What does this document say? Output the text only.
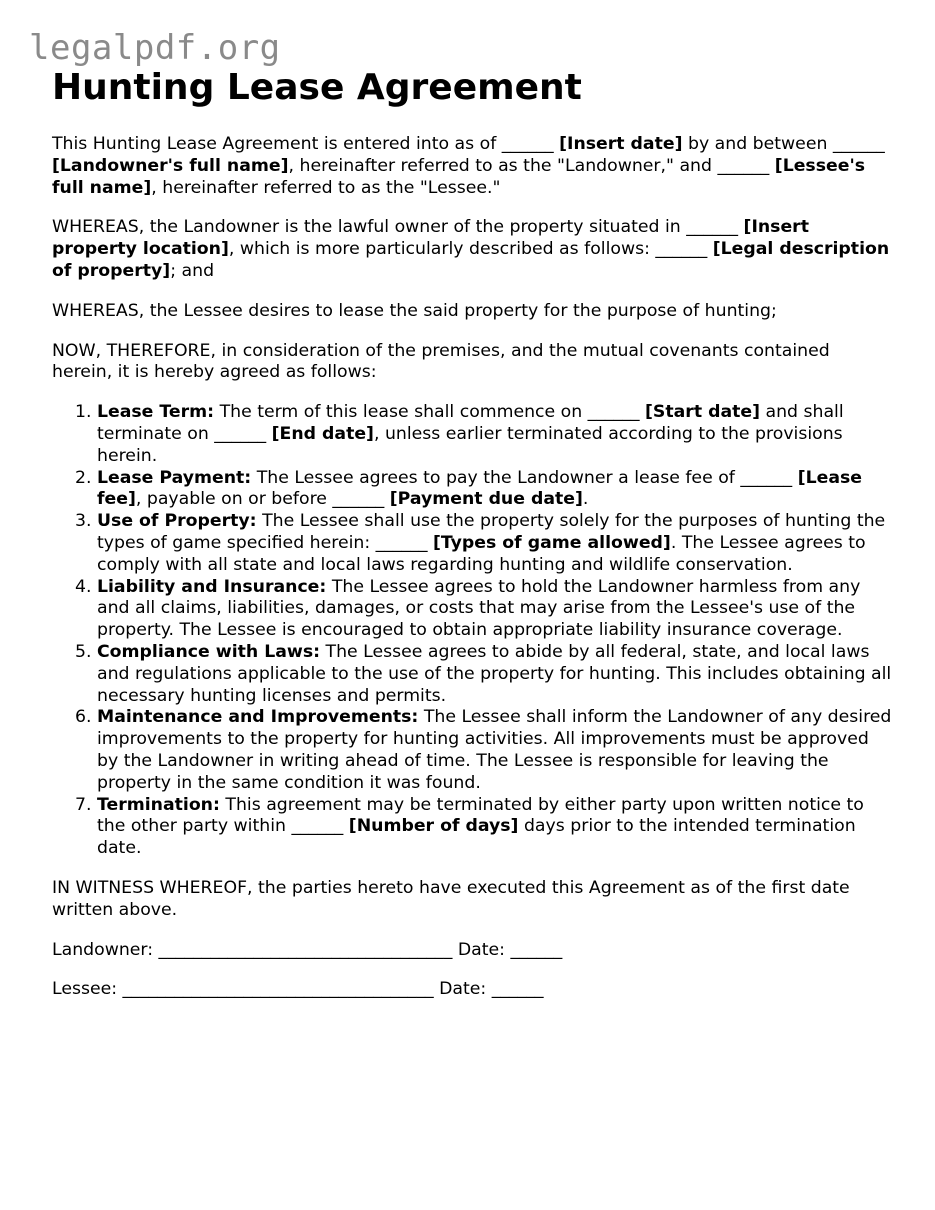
legalpdf.org
Hunting Lease Agreement

This Hunting Lease Agreement is entered into as of ______ [Insert date] by and between ______ [Landowner's full name], hereinafter referred to as the "Landowner," and ______ [Lessee's full name], hereinafter referred to as the "Lessee."

WHEREAS, the Landowner is the lawful owner of the property situated in ______ [Insert property location], which is more particularly described as follows: ______ [Legal description of property]; and

WHEREAS, the Lessee desires to lease the said property for the purpose of hunting;

NOW, THEREFORE, in consideration of the premises, and the mutual covenants contained herein, it is hereby agreed as follows:

1. Lease Term: The term of this lease shall commence on ______ [Start date] and shall terminate on ______ [End date], unless earlier terminated according to the provisions herein.
2. Lease Payment: The Lessee agrees to pay the Landowner a lease fee of ______ [Lease fee], payable on or before ______ [Payment due date].
3. Use of Property: The Lessee shall use the property solely for the purposes of hunting the types of game specified herein: ______ [Types of game allowed]. The Lessee agrees to comply with all state and local laws regarding hunting and wildlife conservation.
4. Liability and Insurance: The Lessee agrees to hold the Landowner harmless from any and all claims, liabilities, damages, or costs that may arise from the Lessee's use of the property. The Lessee is encouraged to obtain appropriate liability insurance coverage.
5. Compliance with Laws: The Lessee agrees to abide by all federal, state, and local laws and regulations applicable to the use of the property for hunting. This includes obtaining all necessary hunting licenses and permits.
6. Maintenance and Improvements: The Lessee shall inform the Landowner of any desired improvements to the property for hunting activities. All improvements must be approved by the Landowner in writing ahead of time. The Lessee is responsible for leaving the property in the same condition it was found.
7. Termination: This agreement may be terminated by either party upon written notice to the other party within ______ [Number of days] days prior to the intended termination date.

IN WITNESS WHEREOF, the parties hereto have executed this Agreement as of the first date written above.

Landowner: __________________________________ Date: ______

Lessee: ____________________________________ Date: ______
